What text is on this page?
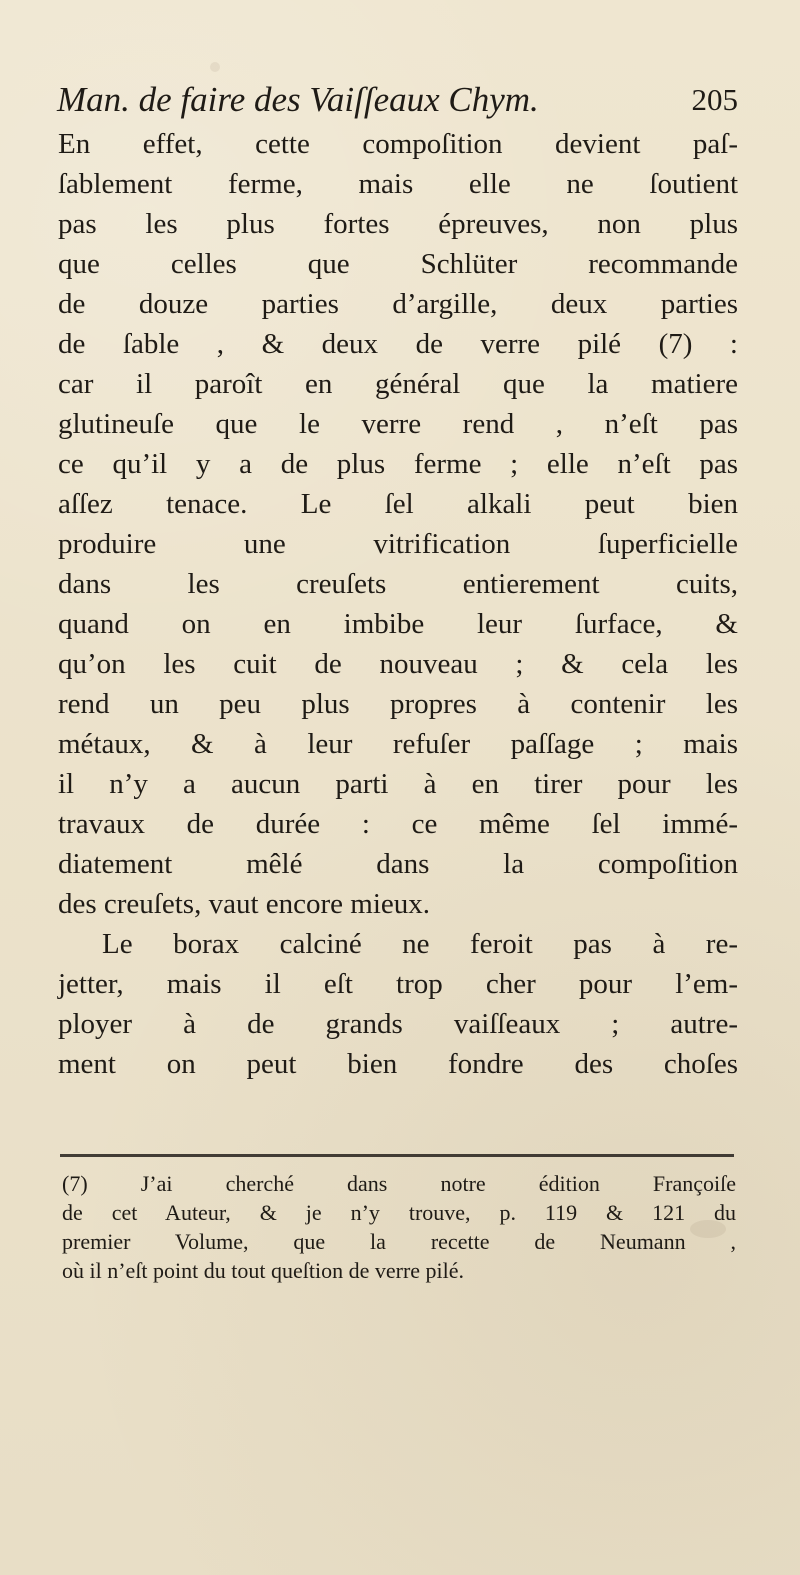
Man. de faire des Vaiſſeaux Chym.	205
En effet, cette compoſition devient paſ-
ſablement ferme, mais elle ne ſoutient
pas les plus fortes épreuves, non plus
que celles que Schlüter recommande
de douze parties d’argille, deux parties
de ſable , & deux de verre pilé (7) :
car il paroît en général que la matiere
glutineuſe que le verre rend , n’eſt pas
ce qu’il y a de plus ferme ; elle n’eſt pas
aſſez tenace. Le ſel alkali peut bien
produire une vitrification ſuperficielle
dans les creuſets entierement cuits,
quand on en imbibe leur ſurface, &
qu’on les cuit de nouveau ; & cela les
rend un peu plus propres à contenir les
métaux, & à leur refuſer paſſage ; mais
il n’y a aucun parti à en tirer pour les
travaux de durée : ce même ſel immé-
diatement mêlé dans la compoſition
des creuſets, vaut encore mieux.
Le borax calciné ne feroit pas à re-
jetter, mais il eſt trop cher pour l’em-
ployer à de grands vaiſſeaux ; autre-
ment on peut bien fondre des choſes
(7) J’ai cherché dans notre édition Françoiſe
de cet Auteur, & je n’y trouve, p. 119 & 121 du
premier Volume, que la recette de Neumann ,
où il n’eſt point du tout queſtion de verre pilé.
